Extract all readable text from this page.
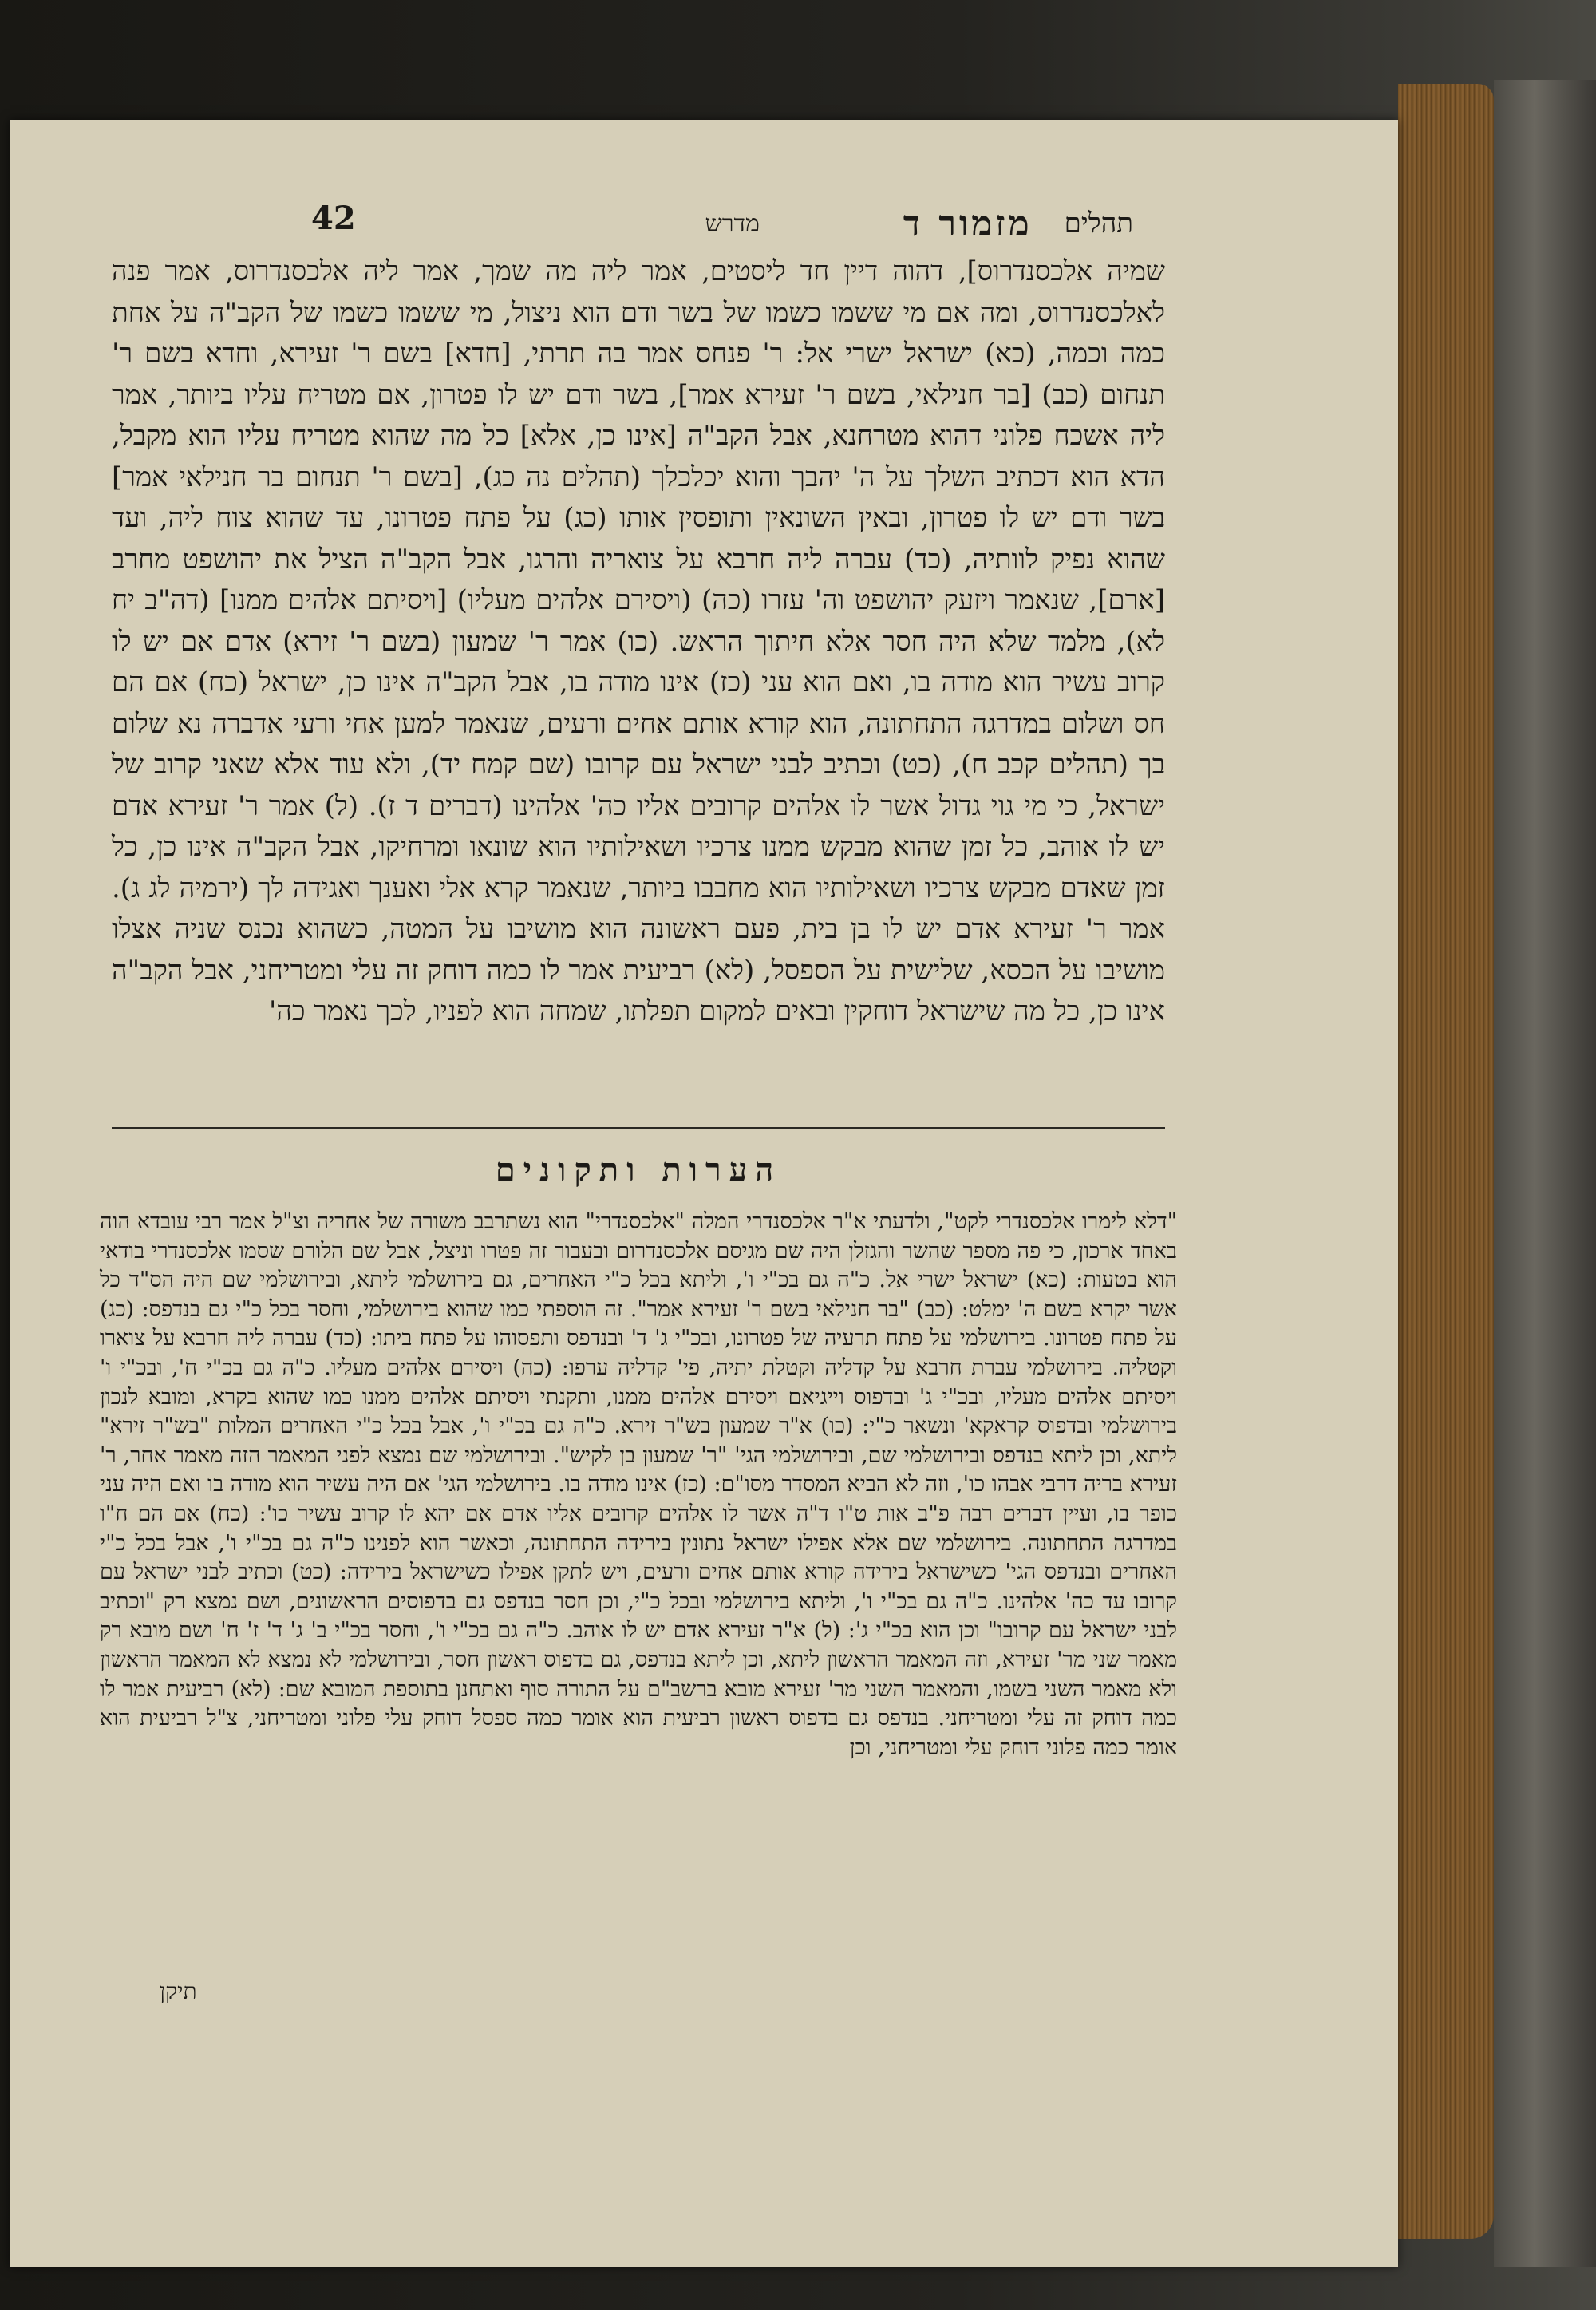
תהלים
מזמור ד
מדרש
42

שמיה אלכסנדרוס], דהוה דיין חד ליסטים, אמר ליה מה שמך, אמר ליה אלכסנדרוס, אמר פנה לאלכסנדרוס, ומה אם מי ששמו כשמו של בשר ודם הוא ניצול, מי ששמו כשמו של הקב"ה על אחת כמה וכמה, (כא) ישראל ישרי אל: ר' פנחס אמר בה תרתי, [חדא] בשם ר' זעירא, וחדא בשם ר' תנחום (כב) [בר חנילאי, בשם ר' זעירא אמר], בשר ודם יש לו פטרון, אם מטריח עליו ביותר, אמר ליה אשכח פלוני דהוא מטרחנא, אבל הקב"ה [אינו כן, אלא] כל מה שהוא מטריח עליו הוא מקבל, הדא הוא דכתיב השלך על ה' יהבך והוא יכלכלך (תהלים נה כג), [בשם ר' תנחום בר חנילאי אמר] בשר ודם יש לו פטרון, ובאין השונאין ותופסין אותו (כג) על פתח פטרונו, עד שהוא צוח ליה, ועד שהוא נפיק לוותיה, (כד) עברה ליה חרבא על צואריה והרגו, אבל הקב"ה הציל את יהושפט מחרב [ארם], שנאמר ויזעק יהושפט וה' עזרו (כה) (ויסירם אלהים מעליו) [ויסיתם אלהים ממנו] (דה"ב יח לא), מלמד שלא היה חסר אלא חיתוך הראש. (כו) אמר ר' שמעון (בשם ר' זירא) אדם אם יש לו קרוב עשיר הוא מודה בו, ואם הוא עני (כז) אינו מודה בו, אבל הקב"ה אינו כן, ישראל (כח) אם הם חס ושלום במדרגה התחתונה, הוא קורא אותם אחים ורעים, שנאמר למען אחי ורעי אדברה נא שלום בך (תהלים קכב ח), (כט) וכתיב לבני ישראל עם קרובו (שם קמח יד), ולא עוד אלא שאני קרוב של ישראל, כי מי גוי גדול אשר לו אלהים קרובים אליו כה' אלהינו (דברים ד ז). (ל) אמר ר' זעירא אדם יש לו אוהב, כל זמן שהוא מבקש ממנו צרכיו ושאילותיו הוא שונאו ומרחיקו, אבל הקב"ה אינו כן, כל זמן שאדם מבקש צרכיו ושאילותיו הוא מחבבו ביותר, שנאמר קרא אלי ואענך ואגידה לך (ירמיה לג ג). אמר ר' זעירא אדם יש לו בן בית, פעם ראשונה הוא מושיבו על המטה, כשהוא נכנס שניה אצלו מושיבו על הכסא, שלישית על הספסל, (לא) רביעית אמר לו כמה דוחק זה עלי ומטריחני, אבל הקב"ה אינו כן, כל מה שישראל דוחקין ובאים למקום תפלתו, שמחה הוא לפניו, לכך נאמר כה'

הערות ותקונים

"דלא לימרו אלכסנדרי לקט", ולדעתי א"ר אלכסנדרי המלה "אלכסנדרי" הוא נשתרבב משורה של אחריה וצ"ל אמר רבי עובדא הוה באחד ארכון, כי פה מספר שהשר והגזלן היה שם מגיסם אלכסנדרום ובעבור זה פטרו וניצל, אבל שם הלורם שסמו אלכסנדרי בודאי הוא בטעות: (כא) ישראל ישרי אל. כ"ה גם בכ"י ו', וליתא בכל כ"י האחרים, גם בירושלמי ליתא, ובירושלמי שם היה הס"ד כל אשר יקרא בשם ה' ימלט: (כב) "בר חנילאי בשם ר' זעירא אמר". זה הוספתי כמו שהוא בירושלמי, וחסר בכל כ"י גם בנדפס: (כג) על פתח פטרונו. בירושלמי על פתח תרעיה של פטרונו, ובכ"י ג' ד' ובנדפס ותפסוהו על פתח ביתו: (כד) עברה ליה חרבא על צוארו וקטליה. בירושלמי עברת חרבא על קדליה וקטלת יתיה, פי' קדליה ערפו: (כה) ויסירם אלהים מעליו. כ"ה גם בכ"י ח', ובכ"י ו' ויסיתם אלהים מעליו, ובכ"י ג' ובדפוס וייגיאם ויסירם אלהים ממנו, ותקנתי ויסיתם אלהים ממנו כמו שהוא בקרא, ומובא לנכון בירושלמי ובדפוס קראקא' ונשאר כ"י: (כו) א"ר שמעון בש"ר זירא. כ"ה גם בכ"י ו', אבל בכל כ"י האחרים המלות "בש"ר זירא" ליתא, וכן ליתא בנדפס ובירושלמי שם, ובירושלמי הגי' "ר' שמעון בן לקיש". ובירושלמי שם נמצא לפני המאמר הזה מאמר אחר, ר' זעירא בריה דרבי אבהו כו', וזה לא הביא המסדר מסו"ם: (כז) אינו מודה בו. בירושלמי הגי' אם היה עשיר הוא מודה בו ואם היה עני כופר בו, ועיין דברים רבה פ"ב אות ט"ו ד"ה אשר לו אלהים קרובים אליו אדם אם יהא לו קרוב עשיר כו': (כח) אם הם ח"ו במדרגה התחתונה. בירושלמי שם אלא אפילו ישראל נתונין בירידה התחתונה, וכאשר הוא לפנינו כ"ה גם בכ"י ו', אבל בכל כ"י האחרים ובנדפס הגי' כשישראל בירידה קורא אותם אחים ורעים, ויש לתקן אפילו כשישראל בירידה: (כט) וכתיב לבני ישראל עם קרובו עד כה' אלהינו. כ"ה גם בכ"י ו', וליתא בירושלמי ובכל כ"י, וכן חסר בנדפס גם בדפוסים הראשונים, ושם נמצא רק "וכתיב לבני ישראל עם קרובו" וכן הוא בכ"י ג': (ל) א"ר זעירא אדם יש לו אוהב. כ"ה גם בכ"י ו', וחסר בכ"י ב' ג' ד' ז' ח' ושם מובא רק מאמר שני מר' זעירא, וזה המאמר הראשון ליתא, וכן ליתא בנדפס, גם בדפוס ראשון חסר, ובירושלמי לא נמצא לא המאמר הראשון ולא מאמר השני בשמו, והמאמר השני מר' זעירא מובא ברשב"ם על התורה סוף ואתחנן בתוספת המובא שם: (לא) רביעית אמר לו כמה דוחק זה עלי ומטריחני. בנדפס גם בדפוס ראשון רביעית הוא אומר כמה ספסל דוחק עלי פלוני ומטריחני, צ"ל רביעית הוא אומר כמה פלוני דוחק עלי ומטריחני, וכן

תיקן
